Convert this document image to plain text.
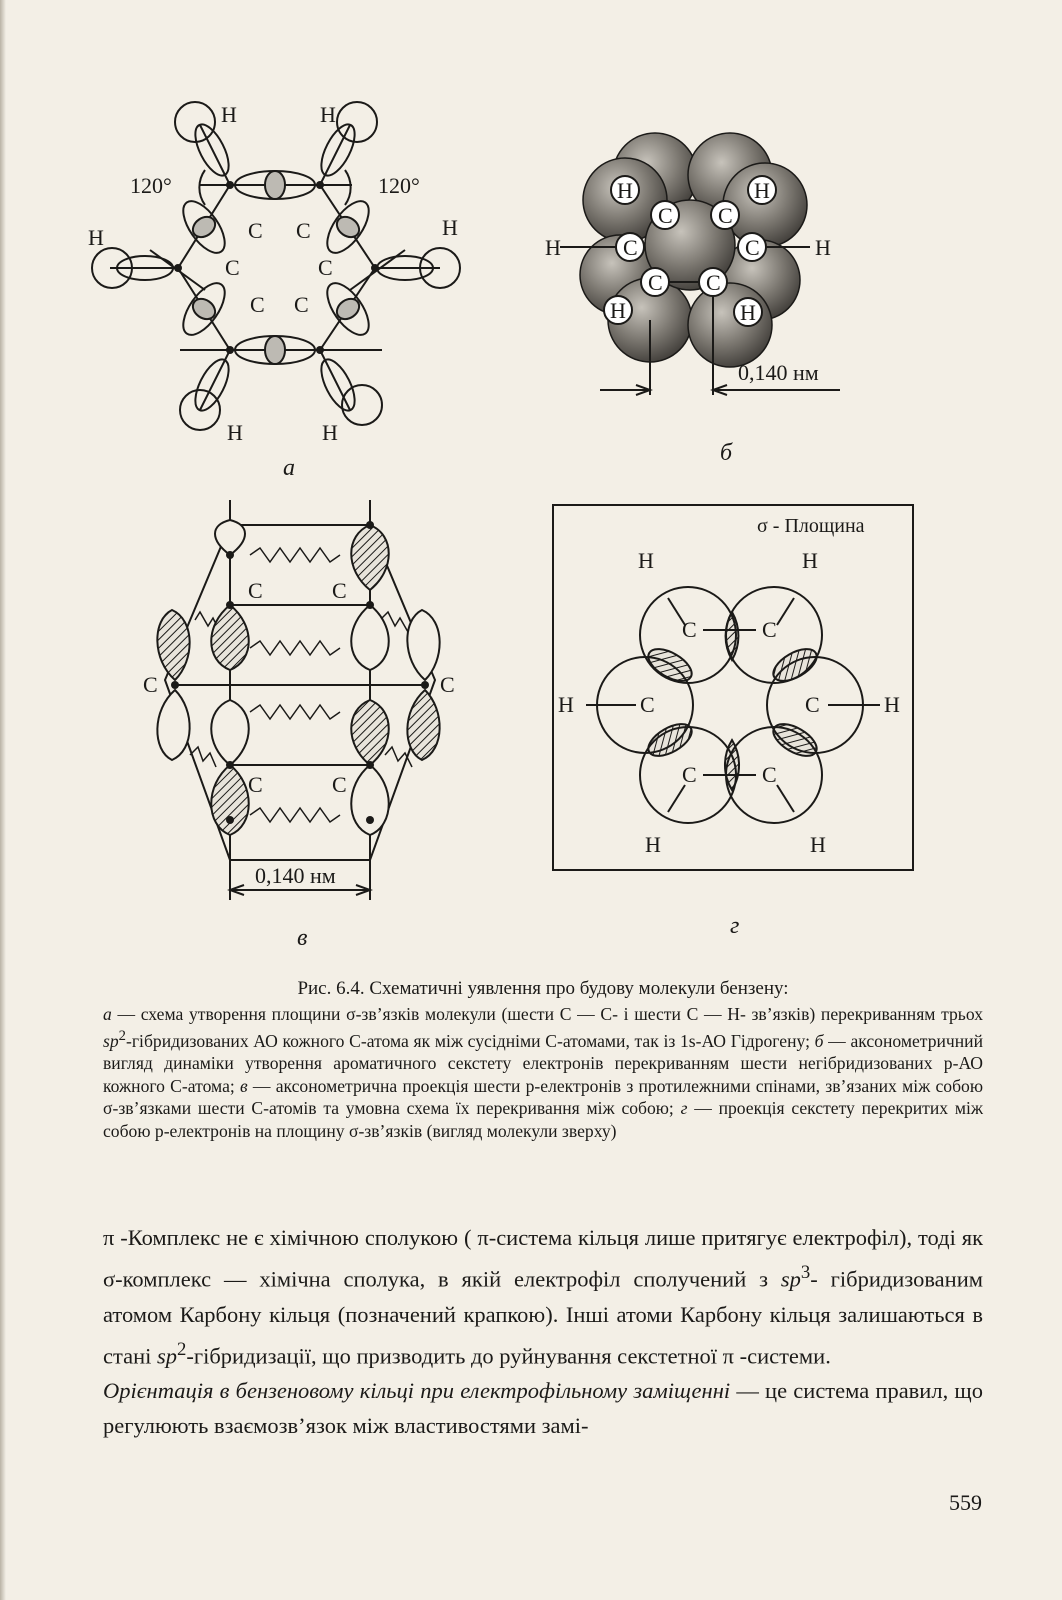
120°	120°
H	H
H	H
H	H
C C
C	C
C C
а
H	H
H	H
H	H
C C
C	C
C C
0,140 нм
б
C	C
C	C
C	C
0,140 нм
в
σ - Площина
H	H
H	H
H	H
C	C
C	C
C	C
г
Рис. 6.4. Схематичні уявлення про будову молекули бензену:
а — схема утворення площини σ-зв’язків молекули (шести C — C- і шести C — H- зв’язків) перекриванням трьох $sp^2$-гібридизованих АО кожного С-атома як між сусідніми С-атомами, так із 1s-АО Гідрогену; б — аксонометричний вигляд динаміки утворення ароматичного секстету електронів перекриванням шести негібридизованих p-АО кожного С-атома; в — аксонометрична проекція шести p-електронів з протилежними спінами, зв’язаних між собою σ-зв’язками шести С-атомів та умовна схема їх перекривання між собою; г — проекція секстету перекритих між собою p-електронів на площину σ-зв’язків (вигляд молекули зверху)

π -Комплекс не є хімічною сполукою ( π-система кільця лише притягує електрофіл), тоді як σ-комплекс — хімічна сполука, в якій електрофіл сполучений з $sp^3-$ гібридизованим атомом Карбону кільця (позначений крапкою). Інші атоми Карбону кільця залишаються в стані $sp^2$-гібридизації, що призводить до руйнування секстетної π -системи.

Орієнтація в бензеновому кільці при електрофільному заміщенні — це система правил, що регулюють взаємозв’язок між властивостями замі-

559
